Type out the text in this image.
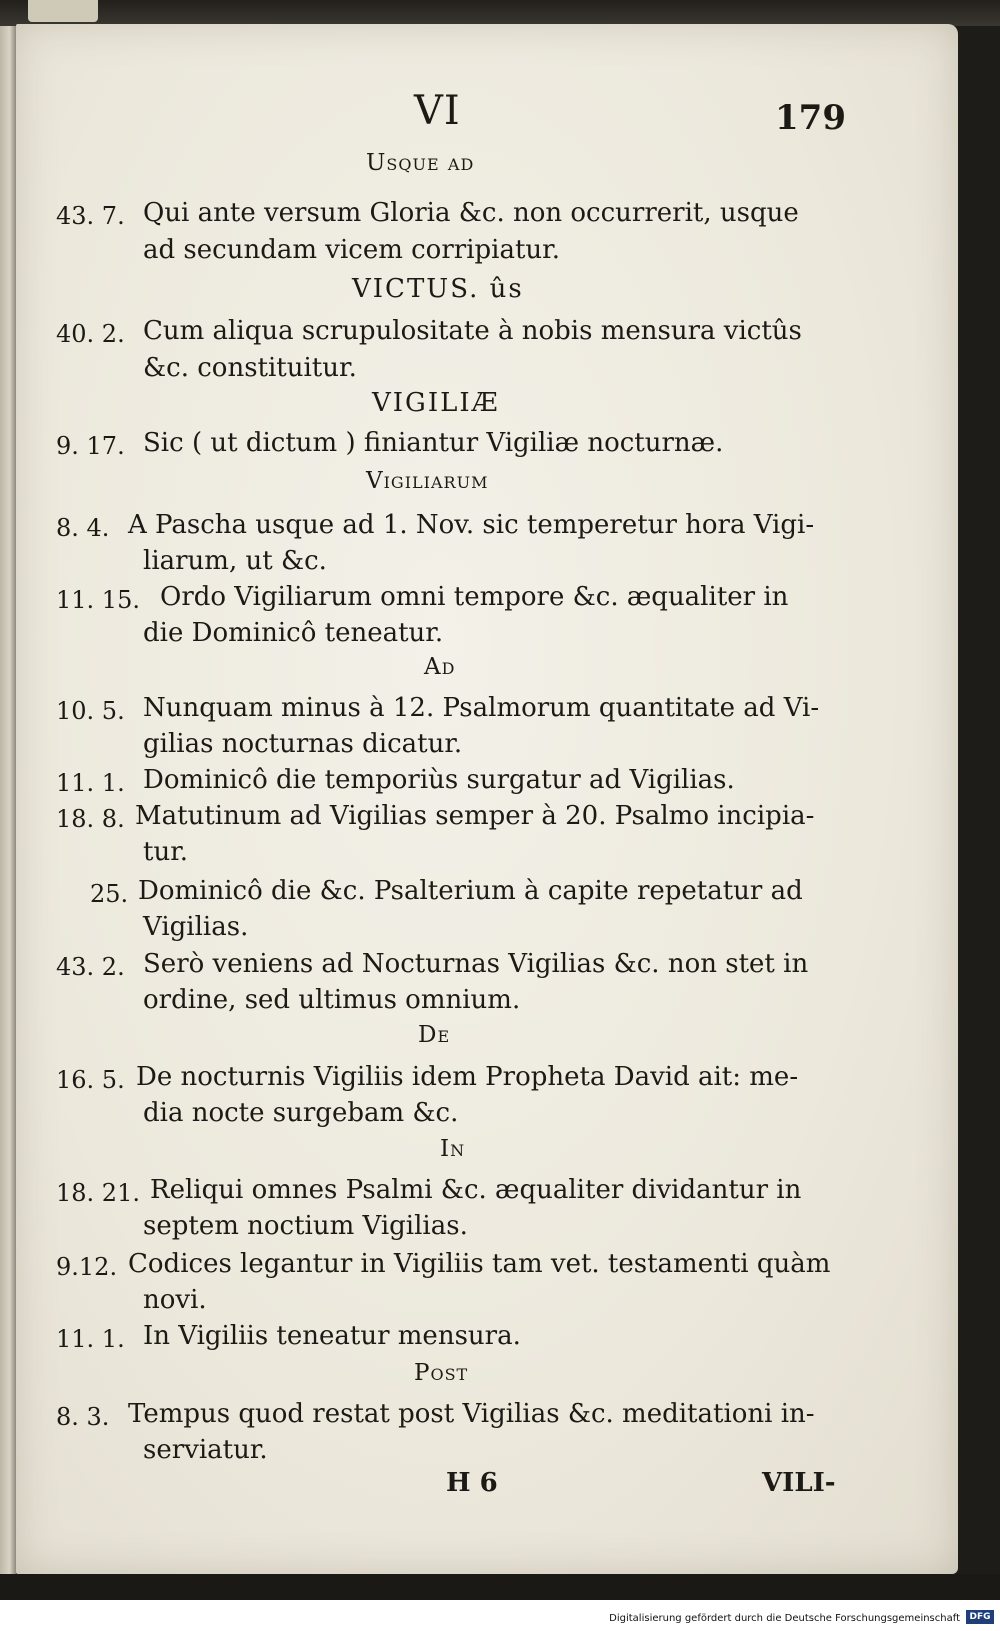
VI	179
Usque ad
43. 7. Qui ante versum Gloria &c. non occurrerit, usque
ad secundam vicem corripiatur.
VICTUS. ûs
40. 2. Cum aliqua scrupulositate à nobis mensura victûs
&c. constituitur.
VIGILIÆ
9. 17. Sic ( ut dictum ) finiantur Vigiliæ nocturnæ.
Vigiliarum
8. 4. A Pascha usque ad 1. Nov. sic temperetur hora Vigi-
liarum, ut &c.
11. 15. Ordo Vigiliarum omni tempore &c. æqualiter in
die Dominicô teneatur.
Ad
10. 5. Nunquam minus à 12. Psalmorum quantitate ad Vi-
gilias nocturnas dicatur.
11. 1. Dominicô die temporiùs surgatur ad Vigilias.
18. 8. Matutinum ad Vigilias semper à 20. Psalmo incipia-
tur.
25. Dominicô die &c. Psalterium à capite repetatur ad
Vigilias.
43. 2. Serò veniens ad Nocturnas Vigilias &c. non stet in
ordine, sed ultimus omnium.
De
16. 5. De nocturnis Vigiliis idem Propheta David ait: me-
dia nocte surgebam &c.
In
18. 21. Reliqui omnes Psalmi &c. æqualiter dividantur in
septem noctium Vigilias.
9.12. Codices legantur in Vigiliis tam vet. testamenti quàm
novi.
11. 1. In Vigiliis teneatur mensura.
Post
8. 3. Tempus quod restat post Vigilias &c. meditationi in-
serviatur.
H 6	VILI-
Digitalisierung gefördert durch die Deutsche Forschungsgemeinschaft	DFG
